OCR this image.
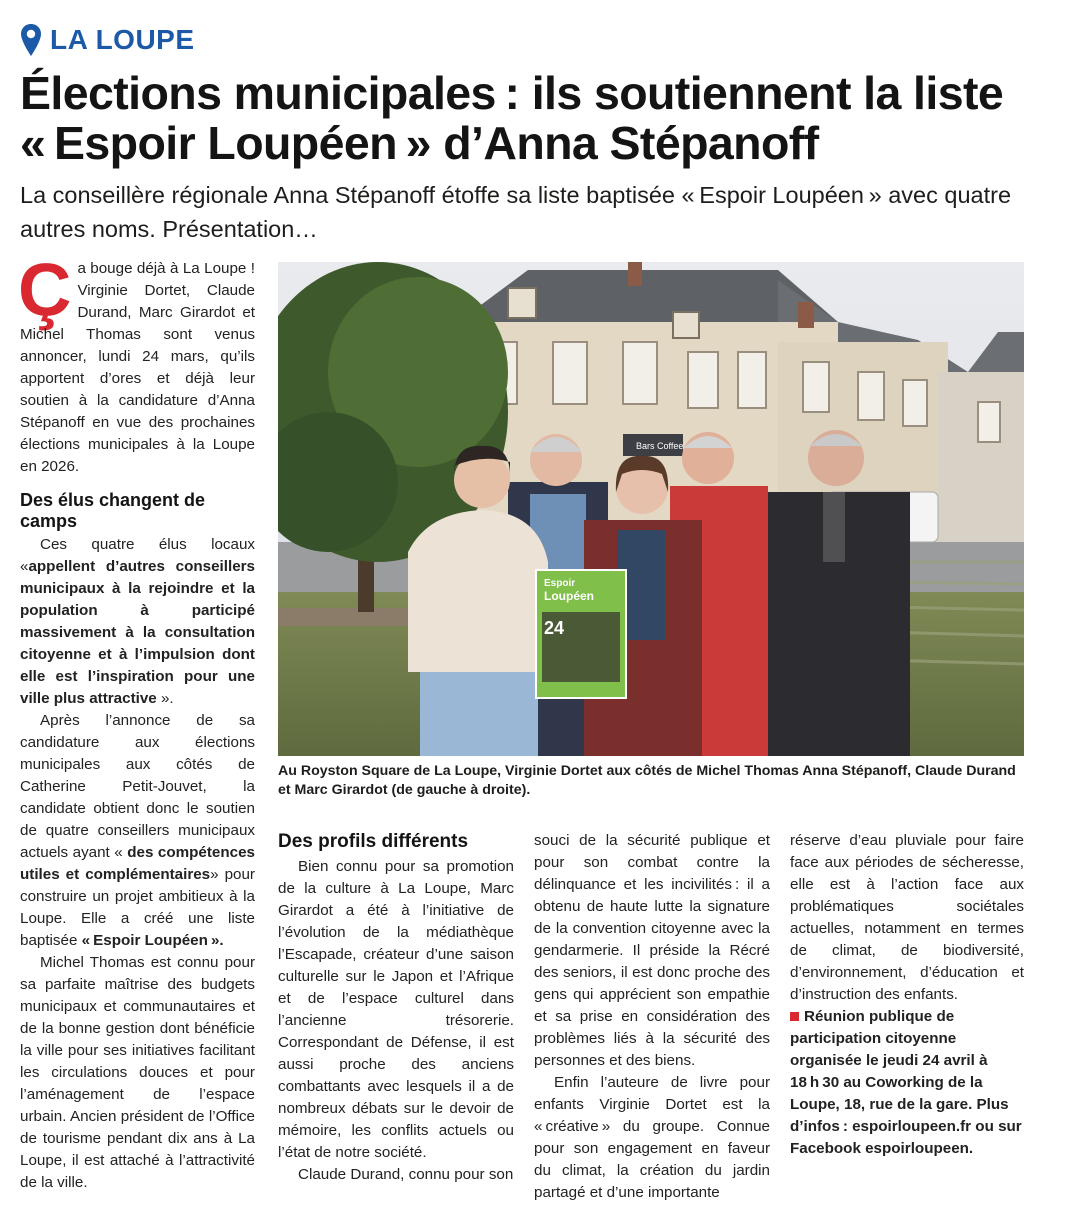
LA LOUPE
Élections municipales : ils soutiennent la liste « Espoir Loupéen » d’Anna Stépanoff

La conseillère régionale Anna Stépanoff étoffe sa liste baptisée « Espoir Loupéen » avec quatre autres noms. Présentation…

Ça bouge déjà à La Loupe ! Virginie Dortet, Claude Durand, Marc Girardot et Michel Thomas sont venus annoncer, lundi 24 mars, qu’ils apportent d’ores et déjà leur soutien à la candidature d’Anna Stépanoff en vue des prochaines élections municipales à la Loupe en 2026.

Des élus changent de camps

Ces quatre élus locaux «appellent d’autres conseillers municipaux à la rejoindre et la population à participé massivement à la consultation citoyenne et à l’impulsion dont elle est l’inspiration pour une ville plus attractive ».

Après l’annonce de sa candidature aux élections municipales aux côtés de Catherine Petit-Jouvet, la candidate obtient donc le soutien de quatre conseillers municipaux actuels ayant « des compétences utiles et complémentaires» pour construire un projet ambitieux à la Loupe. Elle a créé une liste baptisée « Espoir Loupéen ».

Michel Thomas est connu pour sa parfaite maîtrise des budgets municipaux et communautaires et de la bonne gestion dont bénéficie la ville pour ses initiatives facilitant les circulations douces et pour l’aménagement de l’espace urbain. Ancien président de l’Office de tourisme pendant dix ans à La Loupe, il est attaché à l’attractivité de la ville.

Bars Coffee
Espoir
Loupéen
24

Au Royston Square de La Loupe, Virginie Dortet aux côtés de Michel Thomas Anna Stépanoff, Claude Durand et Marc Girardot (de gauche à droite).

Des profils différents

Bien connu pour sa promotion de la culture à La Loupe, Marc Girardot a été à l’initiative de l’évolution de la médiathèque l’Escapade, créateur d’une saison culturelle sur le Japon et l’Afrique et de l’espace culturel dans l’ancienne trésorerie. Correspondant de Défense, il est aussi proche des anciens combattants avec lesquels il a de nombreux débats sur le devoir de mémoire, les conflits actuels ou l’état de notre société.

Claude Durand, connu pour son

souci de la sécurité publique et pour son combat contre la délinquance et les incivilités : il a obtenu de haute lutte la signature de la convention citoyenne avec la gendarmerie. Il préside la Récré des seniors, il est donc proche des gens qui apprécient son empathie et sa prise en considération des problèmes liés à la sécurité des personnes et des biens.

Enfin l’auteure de livre pour enfants Virginie Dortet est la « créative » du groupe. Connue pour son engagement en faveur du climat, la création du jardin partagé et d’une importante

réserve d’eau pluviale pour faire face aux périodes de sécheresse, elle est à l’action face aux problématiques sociétales actuelles, notamment en termes de climat, de biodiversité, d’environnement, d’éducation et d’instruction des enfants.

Réunion publique de participation citoyenne organisée le jeudi 24 avril à 18 h 30 au Coworking de la Loupe, 18, rue de la gare. Plus d’infos : espoirloupeen.fr ou sur Facebook espoirloupeen.
